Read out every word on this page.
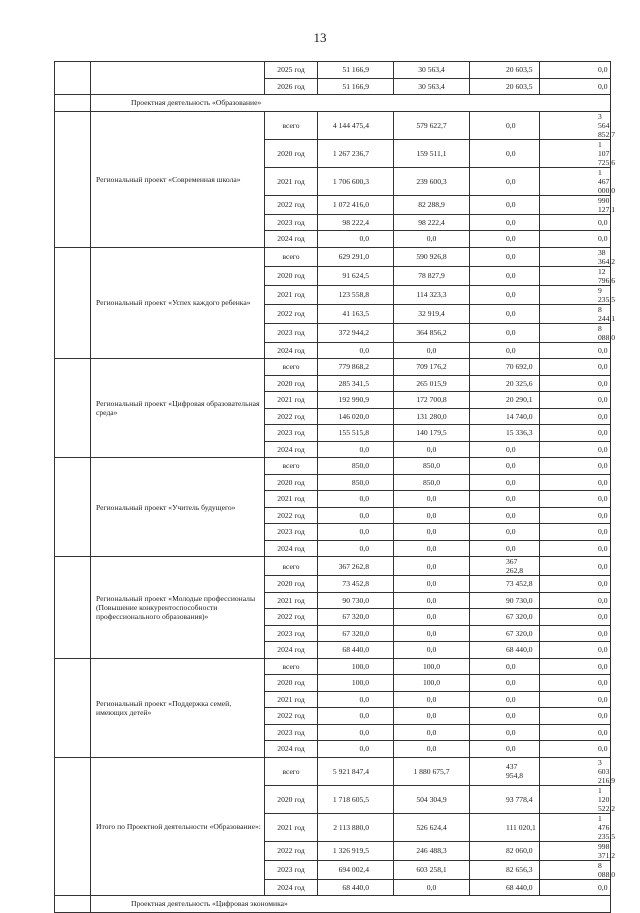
13
		2025 год	51 166,9	30 563,4	20 603,5	0,0
		2026 год	51 166,9	30 563,4	20 603,5	0,0
	Проектная деятельность «Образование»					
	Региональный проект «Современная школа»	всего	4 144 475,4	579 622,7	0,0	3 564 852,7
		2020 год	1 267 236,7	159 511,1	0,0	1 107 725,6
		2021 год	1 706 600,3	239 600,3	0,0	1 467 000,0
		2022 год	1 072 416,0	82 288,9	0,0	990 127,1
		2023 год	98 222,4	98 222,4	0,0	0,0
		2024 год	0,0	0,0	0,0	0,0
	Региональный проект «Успех каждого ребенка»	всего	629 291,0	590 926,8	0,0	38 364,2
		2020 год	91 624,5	78 827,9	0,0	12 796,6
		2021 год	123 558,8	114 323,3	0,0	9 235,5
		2022 год	41 163,5	32 919,4	0,0	8 244,1
		2023 год	372 944,2	364 856,2	0,0	8 088,0
		2024 год	0,0	0,0	0,0	0,0
	Региональный проект «Цифровая образовательная среда»	всего	779 868,2	709 176,2	70 692,0	0,0
		2020 год	285 341,5	265 015,9	20 325,6	0,0
		2021 год	192 990,9	172 700,8	20 290,1	0,0
		2022 год	146 020,0	131 280,0	14 740,0	0,0
		2023 год	155 515,8	140 179,5	15 336,3	0,0
		2024 год	0,0	0,0	0,0	0,0
	Региональный проект «Учитель будущего»	всего	850,0	850,0	0,0	0,0
		2020 год	850,0	850,0	0,0	0,0
		2021 год	0,0	0,0	0,0	0,0
		2022 год	0,0	0,0	0,0	0,0
		2023 год	0,0	0,0	0,0	0,0
		2024 год	0,0	0,0	0,0	0,0
	Региональный проект «Молодые профессионалы (Повышение конкурентоспособности профессионального образования)»	всего	367 262,8	0,0	367 262,8	0,0
		2020 год	73 452,8	0,0	73 452,8	0,0
		2021 год	90 730,0	0,0	90 730,0	0,0
		2022 год	67 320,0	0,0	67 320,0	0,0
		2023 год	67 320,0	0,0	67 320,0	0,0
		2024 год	68 440,0	0,0	68 440,0	0,0
	Региональный проект «Поддержка семей, имеющих детей»	всего	100,0	100,0	0,0	0,0
		2020 год	100,0	100,0	0,0	0,0
		2021 год	0,0	0,0	0,0	0,0
		2022 год	0,0	0,0	0,0	0,0
		2023 год	0,0	0,0	0,0	0,0
		2024 год	0,0	0,0	0,0	0,0
	Итого по Проектной деятельности «Образование»:	всего	5 921 847,4	1 880 675,7	437 954,8	3 603 216,9
		2020 год	1 718 605,5	504 304,9	93 778,4	1 120 522,2
		2021 год	2 113 880,0	526 624,4	111 020,1	1 476 235,5
		2022 год	1 326 919,5	246 488,3	82 060,0	998 371,2
		2023 год	694 002,4	603 258,1	82 656,3	8 088,0
		2024 год	68 440,0	0,0	68 440,0	0,0
	Проектная деятельность «Цифровая экономика»					
